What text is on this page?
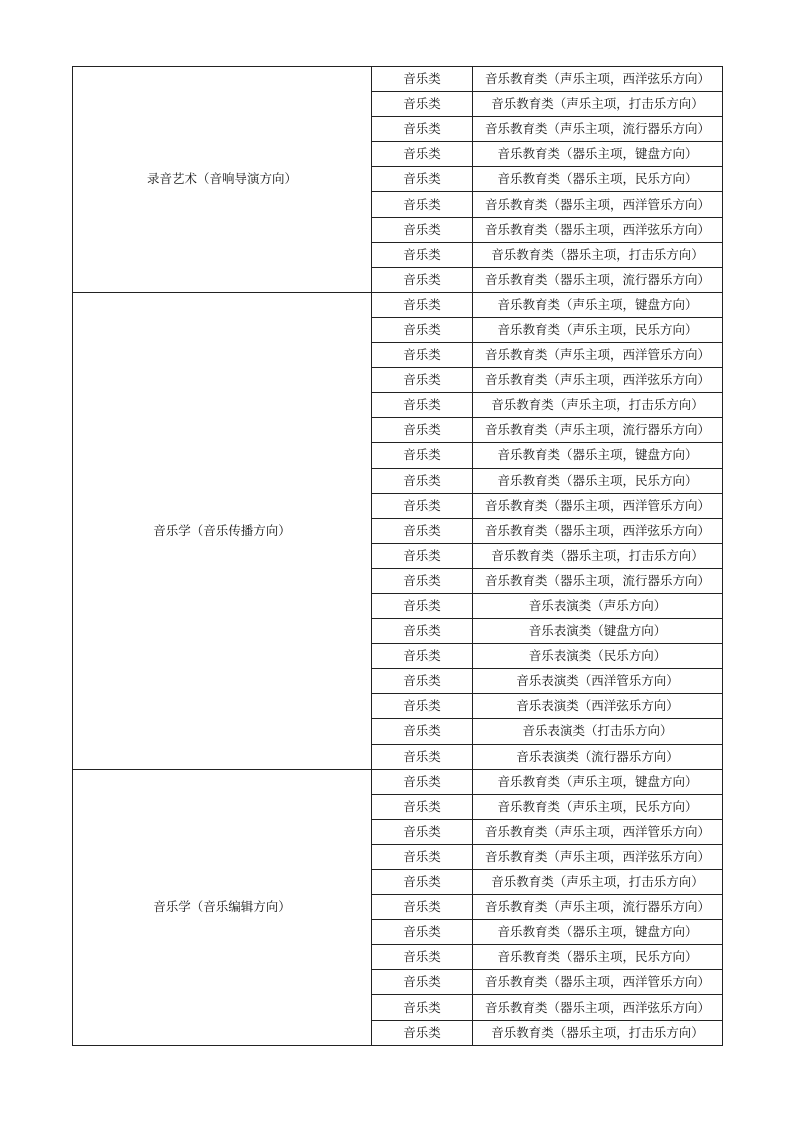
录音艺术（音响导演方向）	音乐类	音乐教育类（声乐主项，西洋弦乐方向）
	音乐类	音乐教育类（声乐主项，打击乐方向）
	音乐类	音乐教育类（声乐主项，流行器乐方向）
	音乐类	音乐教育类（器乐主项，键盘方向）
	音乐类	音乐教育类（器乐主项，民乐方向）
	音乐类	音乐教育类（器乐主项，西洋管乐方向）
	音乐类	音乐教育类（器乐主项，西洋弦乐方向）
	音乐类	音乐教育类（器乐主项，打击乐方向）
	音乐类	音乐教育类（器乐主项，流行器乐方向）
音乐学（音乐传播方向）	音乐类	音乐教育类（声乐主项，键盘方向）
	音乐类	音乐教育类（声乐主项，民乐方向）
	音乐类	音乐教育类（声乐主项，西洋管乐方向）
	音乐类	音乐教育类（声乐主项，西洋弦乐方向）
	音乐类	音乐教育类（声乐主项，打击乐方向）
	音乐类	音乐教育类（声乐主项，流行器乐方向）
	音乐类	音乐教育类（器乐主项，键盘方向）
	音乐类	音乐教育类（器乐主项，民乐方向）
	音乐类	音乐教育类（器乐主项，西洋管乐方向）
	音乐类	音乐教育类（器乐主项，西洋弦乐方向）
	音乐类	音乐教育类（器乐主项，打击乐方向）
	音乐类	音乐教育类（器乐主项，流行器乐方向）
	音乐类	音乐表演类（声乐方向）
	音乐类	音乐表演类（键盘方向）
	音乐类	音乐表演类（民乐方向）
	音乐类	音乐表演类（西洋管乐方向）
	音乐类	音乐表演类（西洋弦乐方向）
	音乐类	音乐表演类（打击乐方向）
	音乐类	音乐表演类（流行器乐方向）
音乐学（音乐编辑方向）	音乐类	音乐教育类（声乐主项，键盘方向）
	音乐类	音乐教育类（声乐主项，民乐方向）
	音乐类	音乐教育类（声乐主项，西洋管乐方向）
	音乐类	音乐教育类（声乐主项，西洋弦乐方向）
	音乐类	音乐教育类（声乐主项，打击乐方向）
	音乐类	音乐教育类（声乐主项，流行器乐方向）
	音乐类	音乐教育类（器乐主项，键盘方向）
	音乐类	音乐教育类（器乐主项，民乐方向）
	音乐类	音乐教育类（器乐主项，西洋管乐方向）
	音乐类	音乐教育类（器乐主项，西洋弦乐方向）
	音乐类	音乐教育类（器乐主项，打击乐方向）
